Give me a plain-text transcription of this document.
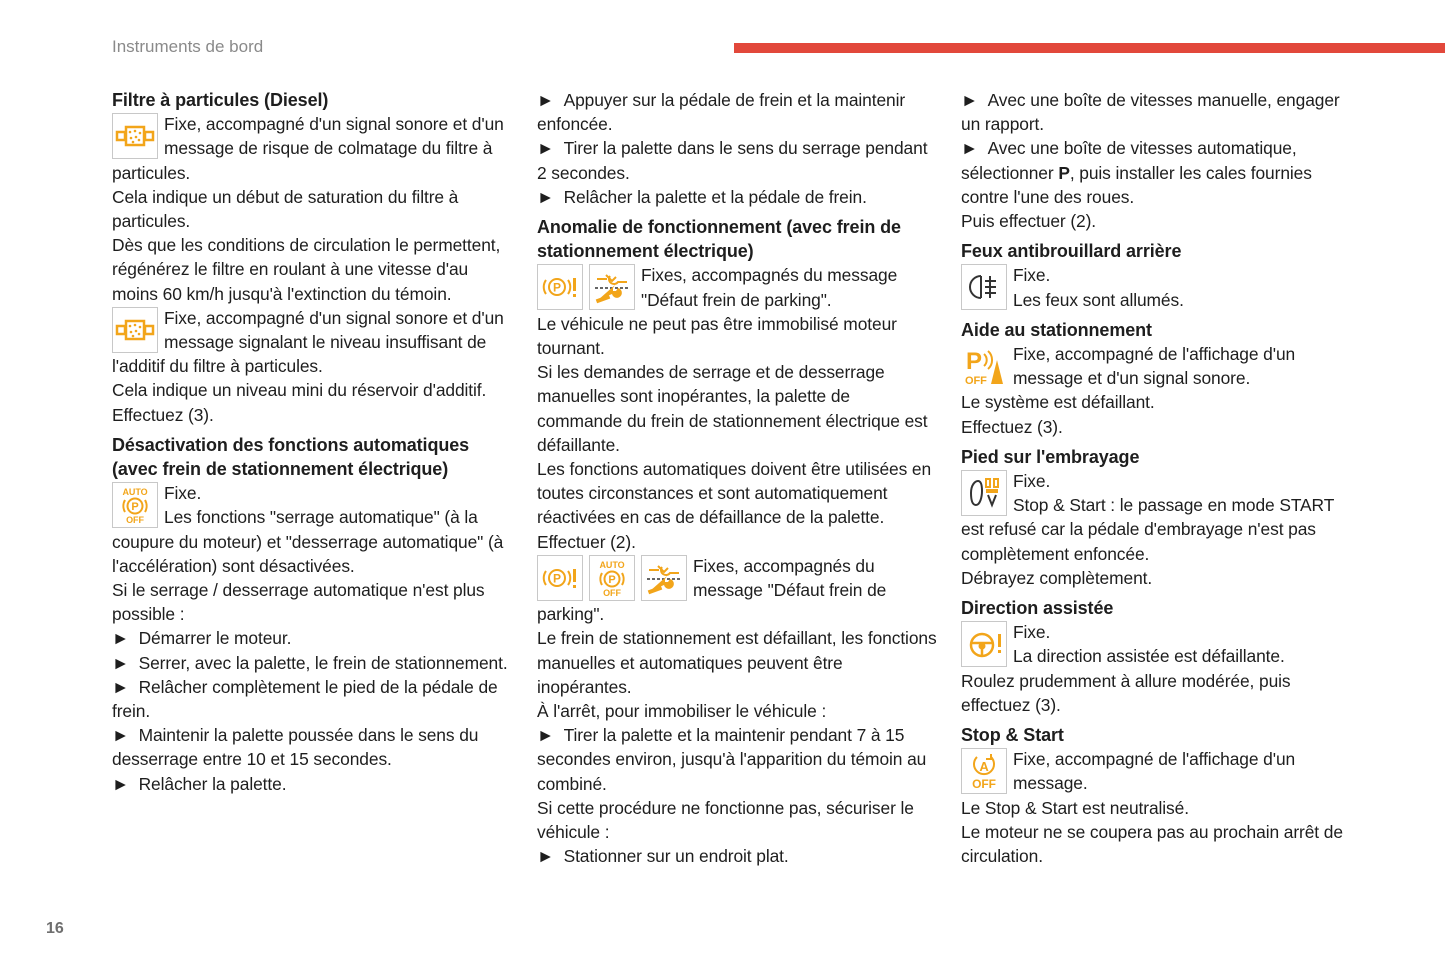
Instruments de bord
Filtre à particules (Diesel)
Fixe, accompagné d'un signal sonore et d'un message de risque de colmatage du filtre à particules.

Cela indique un début de saturation du filtre à particules.

Dès que les conditions de circulation le permettent, régénérez le filtre en roulant à une vitesse d'au moins 60 km/h jusqu'à l'extinction du témoin.

Fixe, accompagné d'un signal sonore et d'un message signalant le niveau insuffisant de l'additif du filtre à particules.

Cela indique un niveau mini du réservoir d'additif.

Effectuez (3).

Désactivation des fonctions automatiques (avec frein de stationnement électrique)
AUTO
P
OFF
Fixe.
Les fonctions "serrage automatique" (à la coupure du moteur) et "desserrage automatique" (à l'accélération) sont désactivées.

Si le serrage / desserrage automatique n'est plus possible :

►  Démarrer le moteur.

►  Serrer, avec la palette, le frein de stationnement.

►  Relâcher complètement le pied de la pédale de frein.

►  Maintenir la palette poussée dans le sens du desserrage entre 10 et 15 secondes.

►  Relâcher la palette.

►  Appuyer sur la pédale de frein et la maintenir enfoncée.

►  Tirer la palette dans le sens du serrage pendant 2 secondes.

►  Relâcher la palette et la pédale de frein.

Anomalie de fonctionnement (avec frein de stationnement électrique)
P
Fixes, accompagnés du message "Défaut frein de parking".

Le véhicule ne peut pas être immobilisé moteur tournant.

Si les demandes de serrage et de desserrage manuelles sont inopérantes, la palette de commande du frein de stationnement électrique est défaillante.

Les fonctions automatiques doivent être utilisées en toutes circonstances et sont automatiquement réactivées en cas de défaillance de la palette.

Effectuer (2).

P
AUTO
P
OFF
Fixes, accompagnés du message "Défaut frein de parking".

Le frein de stationnement est défaillant, les fonctions manuelles et automatiques peuvent être inopérantes.

À l'arrêt, pour immobiliser le véhicule :

►  Tirer la palette et la maintenir pendant 7 à 15 secondes environ, jusqu'à l'apparition du témoin au combiné.

Si cette procédure ne fonctionne pas, sécuriser le véhicule :

►  Stationner sur un endroit plat.

►  Avec une boîte de vitesses manuelle, engager un rapport.

►  Avec une boîte de vitesses automatique, sélectionner P, puis installer les cales fournies contre l'une des roues.

Puis effectuer (2).

Feux antibrouillard arrière
Fixe.
Les feux sont allumés.
Aide au stationnement
P
OFF
Fixe, accompagné de l'affichage d'un message et d'un signal sonore.

Le système est défaillant.

Effectuez (3).

Pied sur l'embrayage
Fixe.
Stop & Start : le passage en mode START est refusé car la pédale d'embrayage n'est pas complètement enfoncée.

Débrayez complètement.

Direction assistée
Fixe.
La direction assistée est défaillante.

Roulez prudemment à allure modérée, puis effectuez (3).

Stop & Start
A
OFF
Fixe, accompagné de l'affichage d'un message.

Le Stop & Start est neutralisé.

Le moteur ne se coupera pas au prochain arrêt de circulation.

16
